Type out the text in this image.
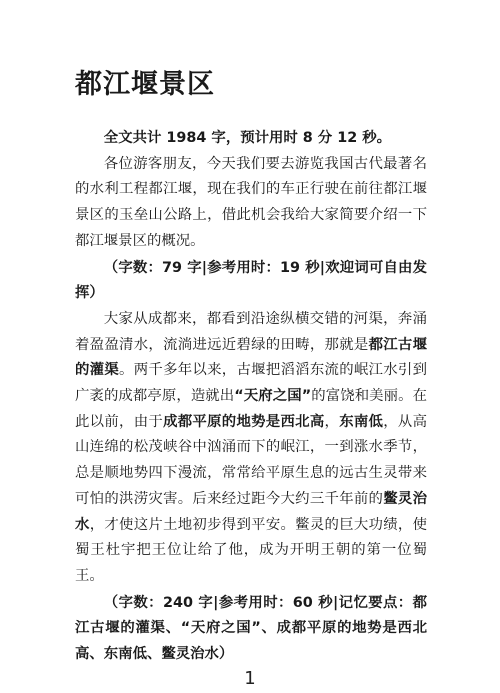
都江堰景区

全文共计 1984 字，预计用时 8 分 12 秒。

各位游客朋友，今天我们要去游览我国古代最著名的水利工程都江堰，现在我们的车正行驶在前往都江堰景区的玉垒山公路上，借此机会我给大家简要介绍一下都江堰景区的概况。

（字数：79 字|参考用时：19 秒|欢迎词可自由发挥）

大家从成都来，都看到沿途纵横交错的河渠，奔涌着盈盈清水，流淌进远近碧绿的田畴，那就是都江古堰的灌渠。两千多年以来，古堰把滔滔东流的岷江水引到广袤的成都亭原，造就出“天府之国”的富饶和美丽。在此以前，由于成都平原的地势是西北高，东南低，从高山连绵的松茂峡谷中汹涌而下的岷江，一到涨水季节，总是顺地势四下漫流，常常给平原生息的远古生灵带来可怕的洪涝灾害。后来经过距今大约三千年前的鳖灵治水，才使这片土地初步得到平安。鳖灵的巨大功绩，使蜀王杜宇把王位让给了他，成为开明王朝的第一位蜀王。

（字数：240 字|参考用时：60 秒|记忆要点：都江古堰的灌渠、“天府之国”、成都平原的地势是西北高、东南低、鳖灵治水）

1
